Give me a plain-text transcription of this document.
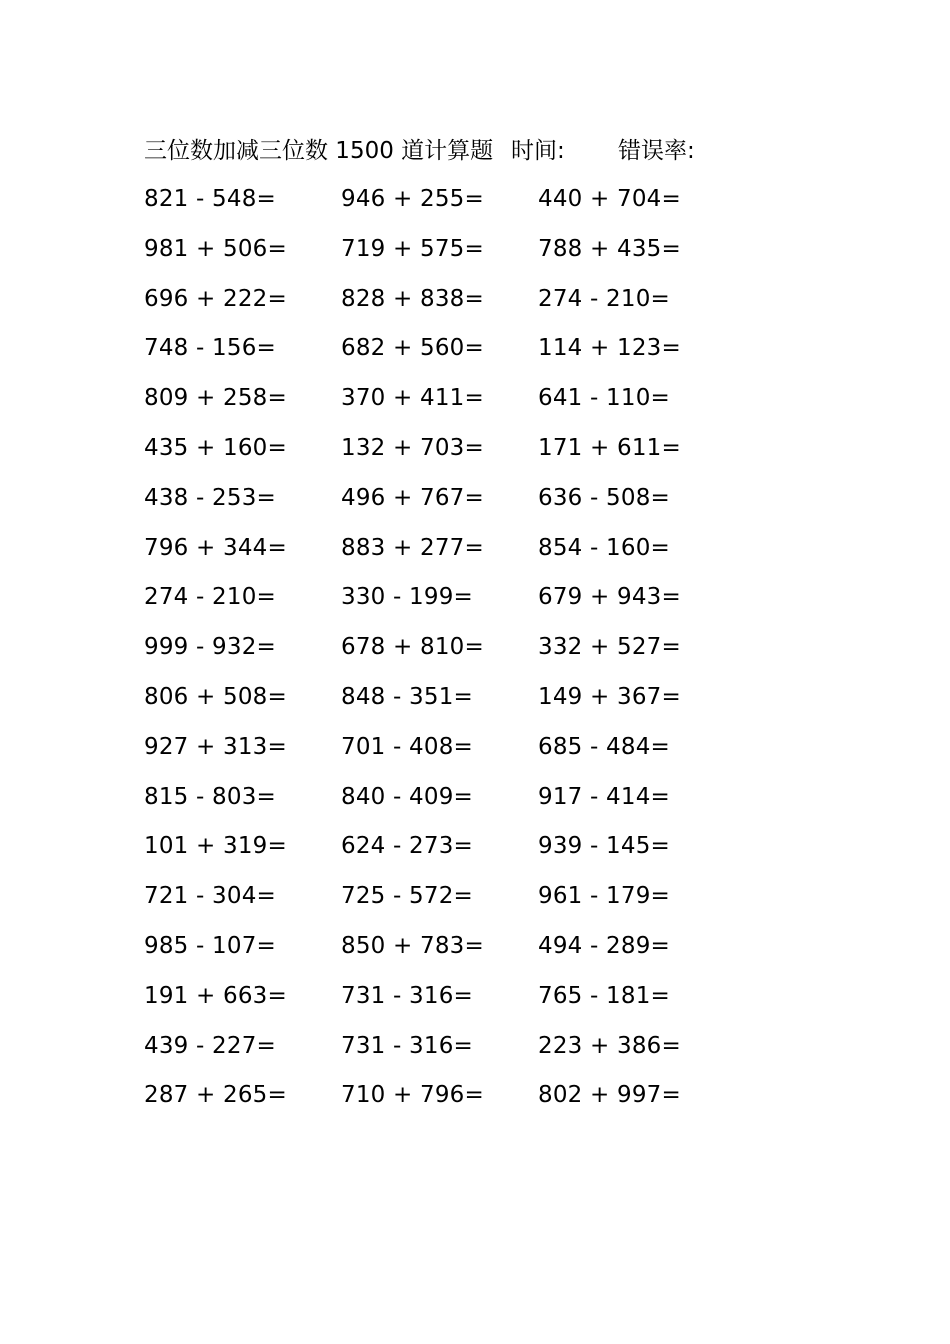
三位数加减三位数 1500 道计算题 时间: 错误率:
821 - 548=	946 + 255=	440 + 704=
981 + 506=	719 + 575=	788 + 435=
696 + 222=	828 + 838=	274 - 210=
748 - 156=	682 + 560=	114 + 123=
809 + 258=	370 + 411=	641 - 110=
435 + 160=	132 + 703=	171 + 611=
438 - 253=	496 + 767=	636 - 508=
796 + 344=	883 + 277=	854 - 160=
274 - 210=	330 - 199=	679 + 943=
999 - 932=	678 + 810=	332 + 527=
806 + 508=	848 - 351=	149 + 367=
927 + 313=	701 - 408=	685 - 484=
815 - 803=	840 - 409=	917 - 414=
101 + 319=	624 - 273=	939 - 145=
721 - 304=	725 - 572=	961 - 179=
985 - 107=	850 + 783=	494 - 289=
191 + 663=	731 - 316=	765 - 181=
439 - 227=	731 - 316=	223 + 386=
287 + 265=	710 + 796=	802 + 997=
